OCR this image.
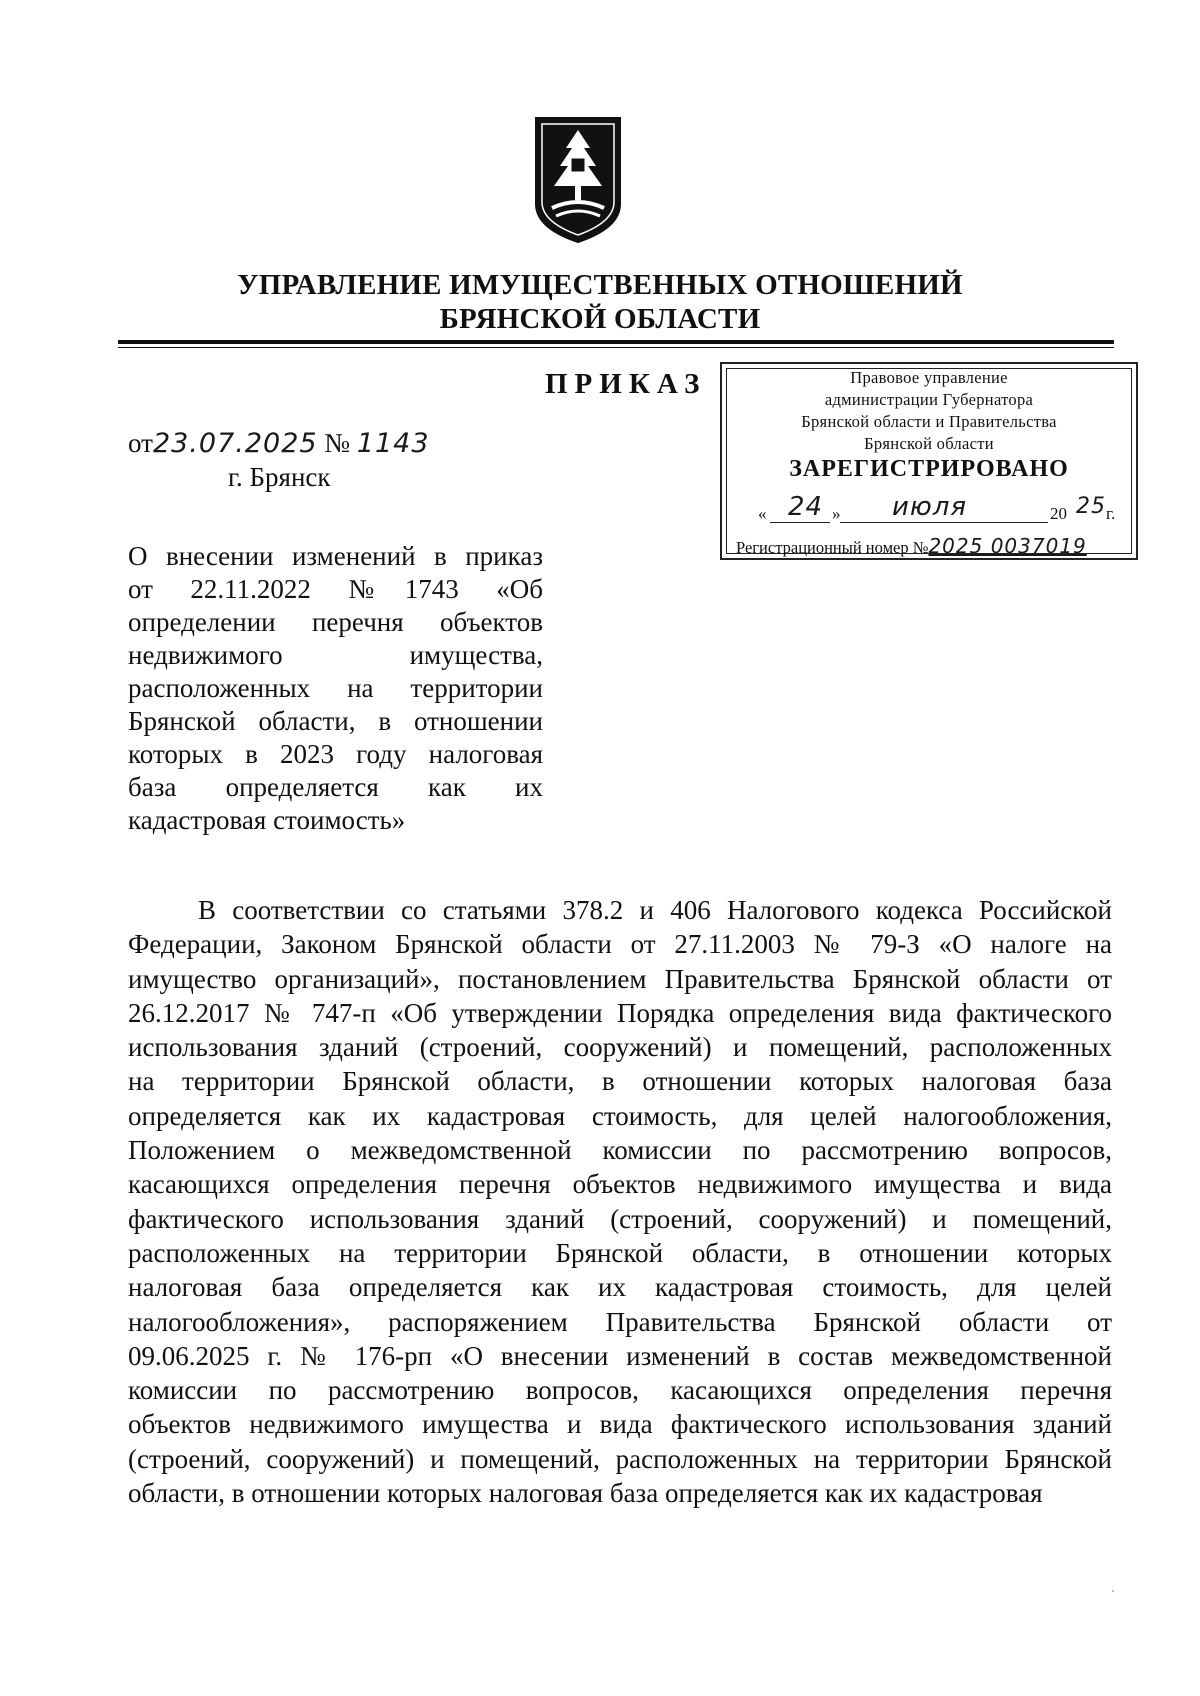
УПРАВЛЕНИЕ ИМУЩЕСТВЕННЫХ ОТНОШЕНИЙ
БРЯНСКОЙ ОБЛАСТИ
ПРИКАЗ
от23.07.2025 № 1143
г. Брянск
Правовое управление
администрации Губернатора
Брянской области и Правительства
Брянской области
ЗАРЕГИСТРИРОВАНО
« 24 » июля	20 25 г.
Регистрационный номер №2025 0037019
О внесении изменений в приказ
от 22.11.2022 №1743 «Об
определении перечня объектов
недвижимого имущества,
расположенных на территории
Брянской области, в отношении
которых в 2023 году налоговая
база определяется как их
кадастровая стоимость»
В соответствии со статьями 378.2 и 406 Налогового кодекса Российской
Федерации, Законом Брянской области от 27.11.2003 № 79-З «О налоге на
имущество организаций», постановлением Правительства Брянской области от
26.12.2017 № 747-п «Об утверждении Порядка определения вида фактического
использования зданий (строений, сооружений) и помещений, расположенных
на территории Брянской области, в отношении которых налоговая база
определяется как их кадастровая стоимость, для целей налогообложения,
Положением о межведомственной комиссии по рассмотрению вопросов,
касающихся определения перечня объектов недвижимого имущества и вида
фактического использования зданий (строений, сооружений) и помещений,
расположенных на территории Брянской области, в отношении которых
налоговая база определяется как их кадастровая стоимость, для целей
налогообложения», распоряжением Правительства Брянской области от
09.06.2025 г. № 176-рп «О внесении изменений в состав межведомственной
комиссии по рассмотрению вопросов, касающихся определения перечня
объектов недвижимого имущества и вида фактического использования зданий
(строений, сооружений) и помещений, расположенных на территории Брянской
области, в отношении которых налоговая база определяется как их кадастровая
